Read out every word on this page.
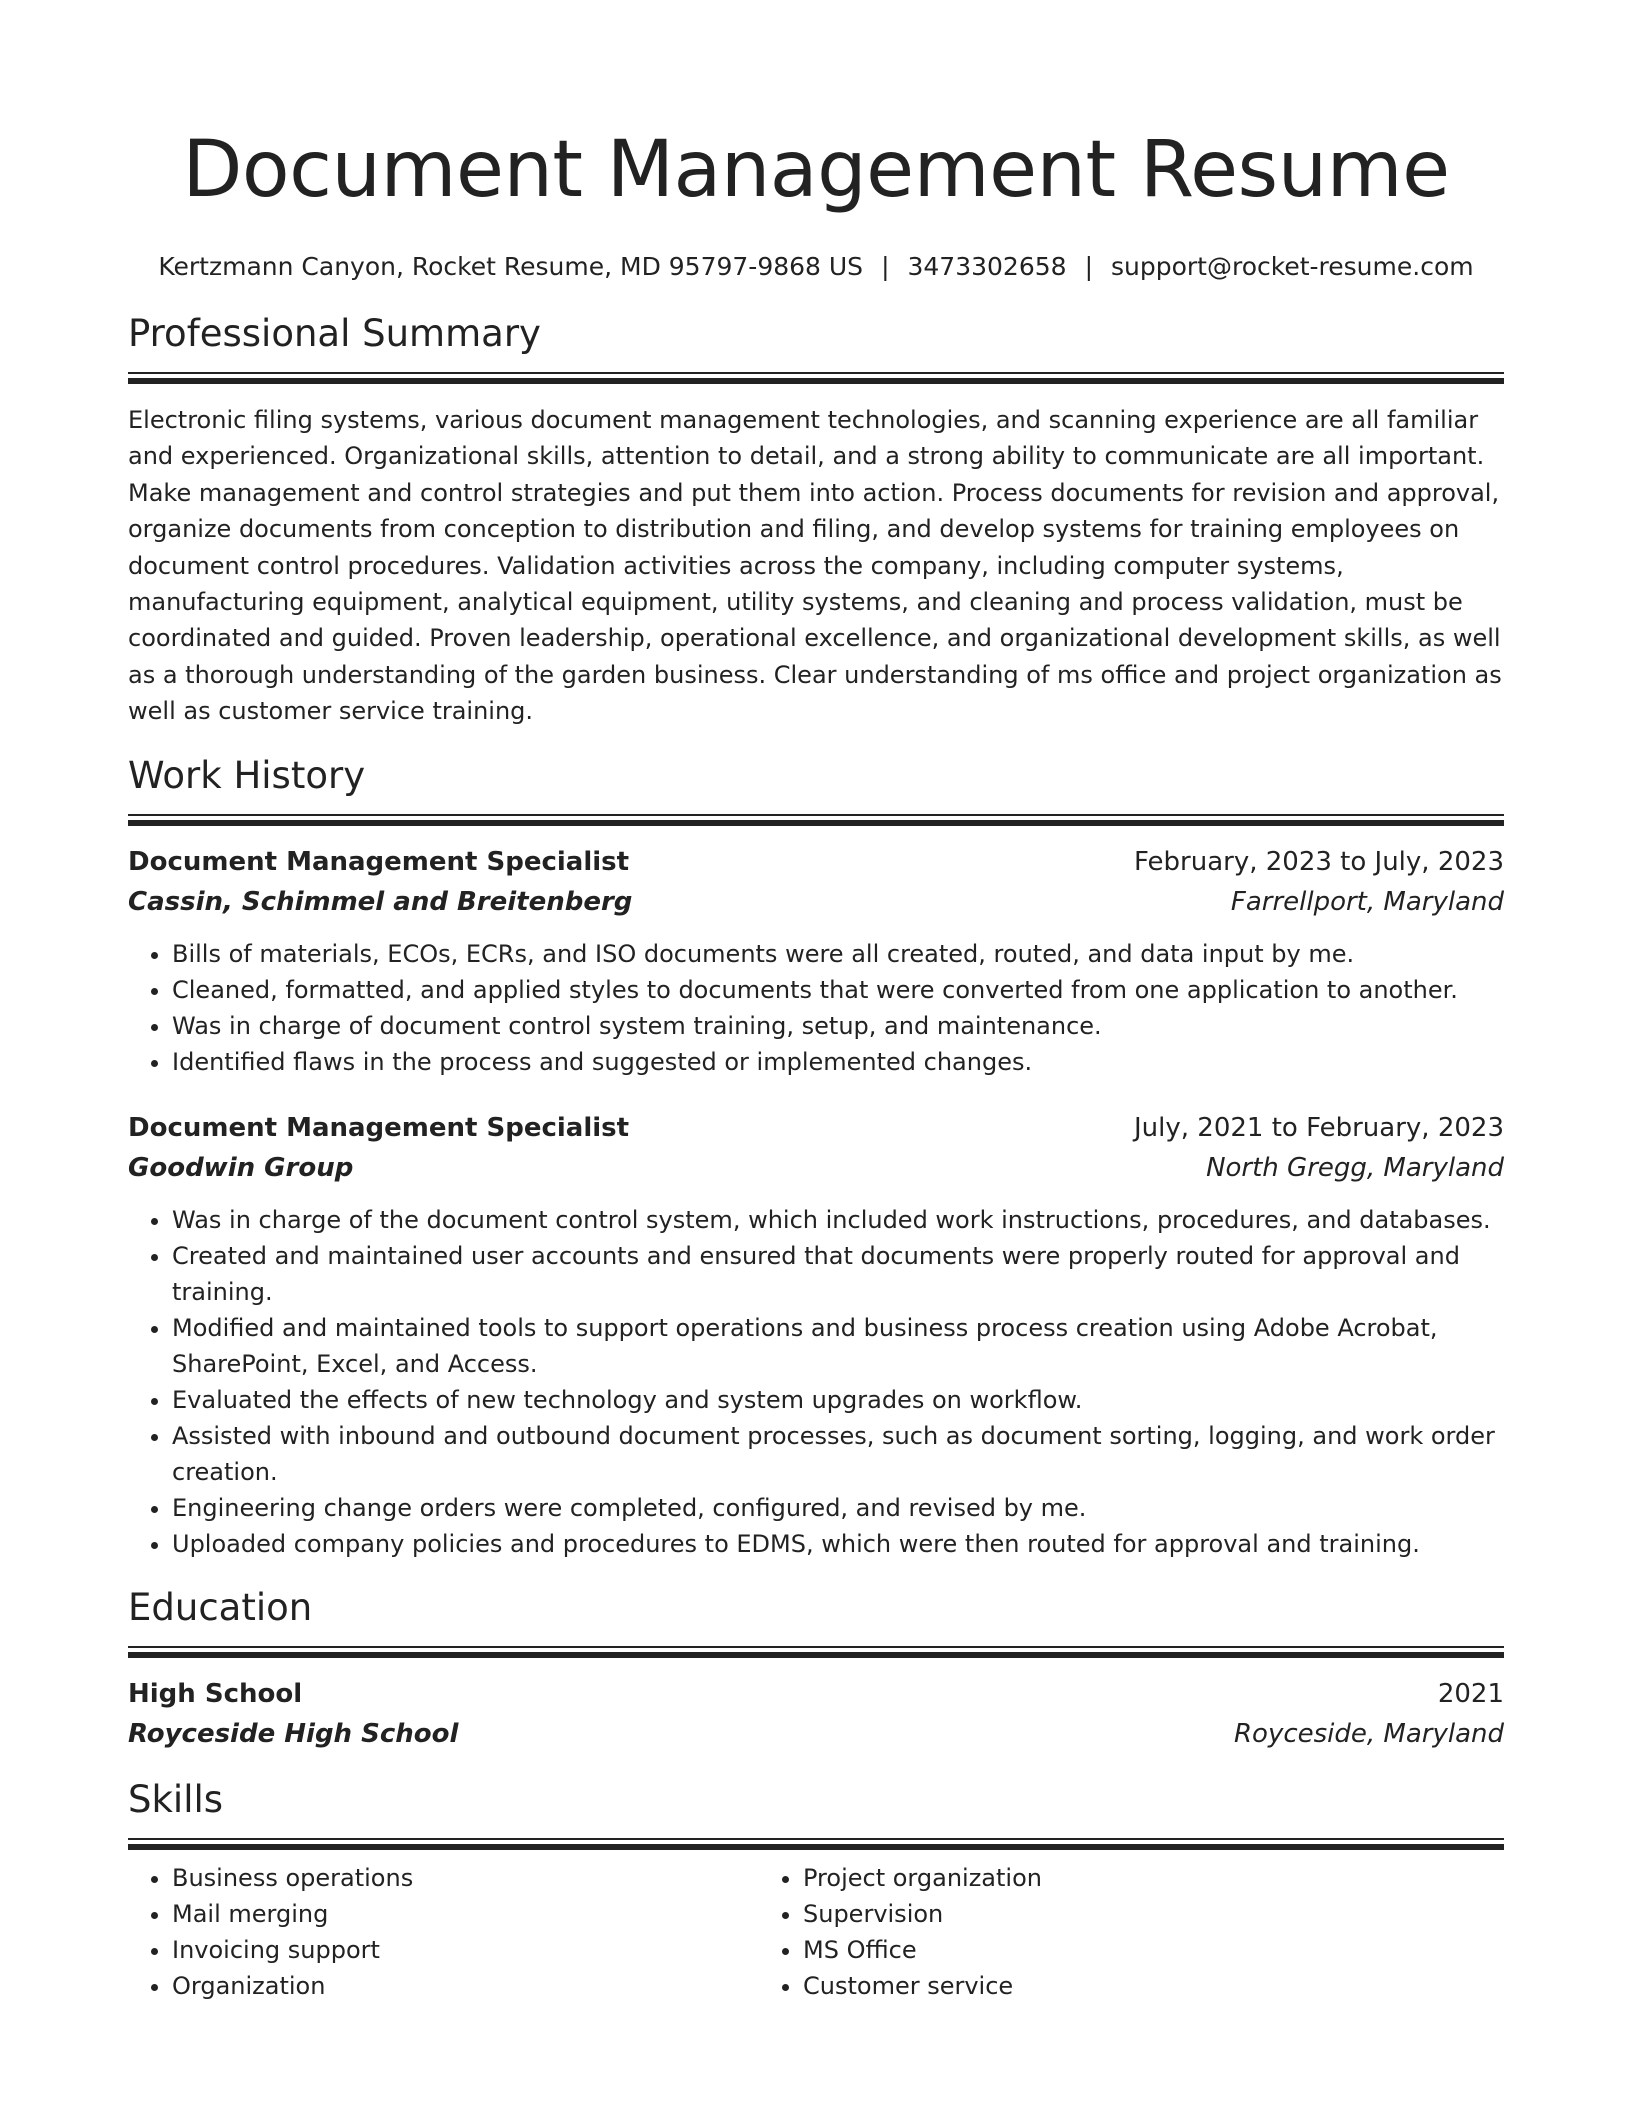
Document Management Resume
Kertzmann Canyon, Rocket Resume, MD 95797-9868 US | 3473302658 | support@rocket-resume.com
Professional Summary

Electronic filing systems, various document management technologies, and scanning experience are all familiar and experienced. Organizational skills, attention to detail, and a strong ability to communicate are all important. Make management and control strategies and put them into action. Process documents for revision and approval, organize documents from conception to distribution and filing, and develop systems for training employees on document control procedures. Validation activities across the company, including computer systems, manufacturing equipment, analytical equipment, utility systems, and cleaning and process validation, must be coordinated and guided. Proven leadership, operational excellence, and organizational development skills, as well as a thorough understanding of the garden business. Clear understanding of ms office and project organization as well as customer service training.

Work History
Document Management Specialist	February, 2023 to July, 2023
Cassin, Schimmel and Breitenberg	Farrellport, Maryland
• Bills of materials, ECOs, ECRs, and ISO documents were all created, routed, and data input by me.
• Cleaned, formatted, and applied styles to documents that were converted from one application to another.
• Was in charge of document control system training, setup, and maintenance.
• Identified flaws in the process and suggested or implemented changes.
Document Management Specialist	July, 2021 to February, 2023
Goodwin Group	North Gregg, Maryland
• Was in charge of the document control system, which included work instructions, procedures, and databases.
• Created and maintained user accounts and ensured that documents were properly routed for approval and training.
• Modified and maintained tools to support operations and business process creation using Adobe Acrobat, SharePoint, Excel, and Access.
• Evaluated the effects of new technology and system upgrades on workflow.
• Assisted with inbound and outbound document processes, such as document sorting, logging, and work order creation.
• Engineering change orders were completed, configured, and revised by me.
• Uploaded company policies and procedures to EDMS, which were then routed for approval and training.
Education
High School	2021
Royceside High School	Royceside, Maryland
Skills
• Business operations
• Mail merging
• Invoicing support
• Organization
• Project organization
• Supervision
• MS Office
• Customer service
